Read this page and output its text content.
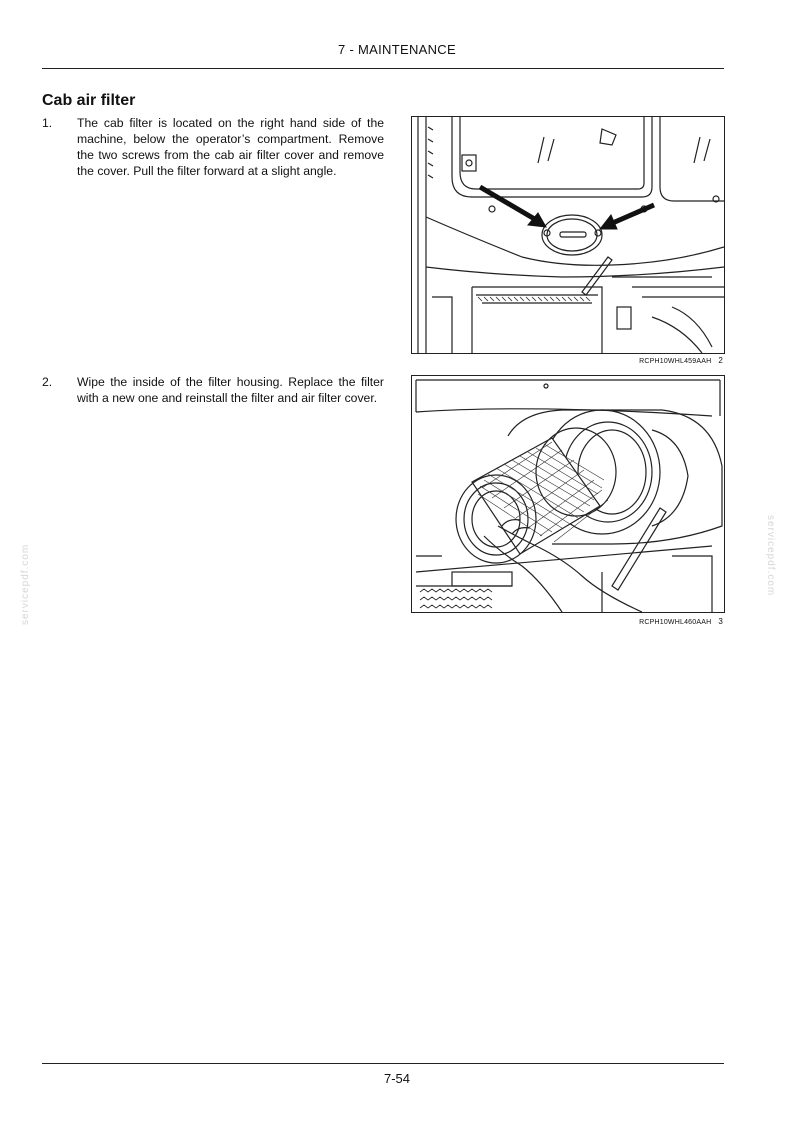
7 - MAINTENANCE
Cab air filter
1. The cab filter is located on the right hand side of the machine, below the operator’s compartment. Remove the two screws from the cab air filter cover and remove the cover. Pull the filter forward at a slight angle.
2. Wipe the inside of the filter housing. Replace the filter with a new one and reinstall the filter and air filter cover.
RCPH10WHL459AAH 2
RCPH10WHL460AAH 3
servicepdf.com	servicepdf.com
7-54
